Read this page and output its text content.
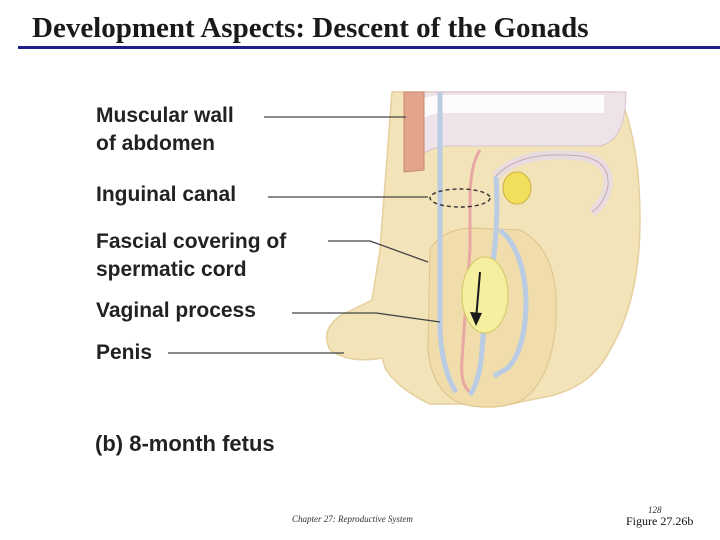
Development Aspects: Descent of the Gonads
Muscular wall
of abdomen
Inguinal canal
Fascial covering of
spermatic cord
Vaginal process
Penis
(b) 8-month fetus
Chapter 27: Reproductive System
128
Figure 27.26b
